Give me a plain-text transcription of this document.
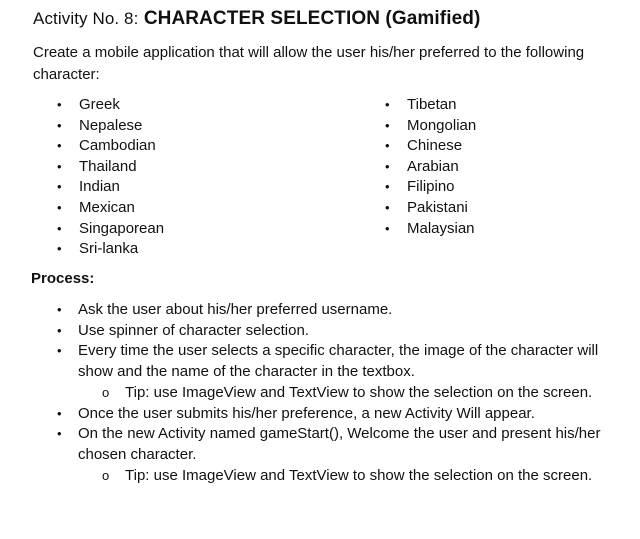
Activity No. 8: CHARACTER SELECTION (Gamified)
Create a mobile application that will allow the user his/her preferred to the following character:
•	Greek
•	Nepalese
•	Cambodian
•	Thailand
•	Indian
•	Mexican
•	Singaporean
•	Sri-lanka
•	Tibetan
•	Mongolian
•	Chinese
•	Arabian
•	Filipino
•	Pakistani
•	Malaysian
Process:
• Ask the user about his/her preferred username.
• Use spinner of character selection.
• Every time the user selects a specific character, the image of the character will show and the name of the character in the textbox.
o Tip: use ImageView and TextView to show the selection on the screen.
• Once the user submits his/her preference, a new Activity Will appear.
• On the new Activity named gameStart(), Welcome the user and present his/her chosen character.
o Tip: use ImageView and TextView to show the selection on the screen.
